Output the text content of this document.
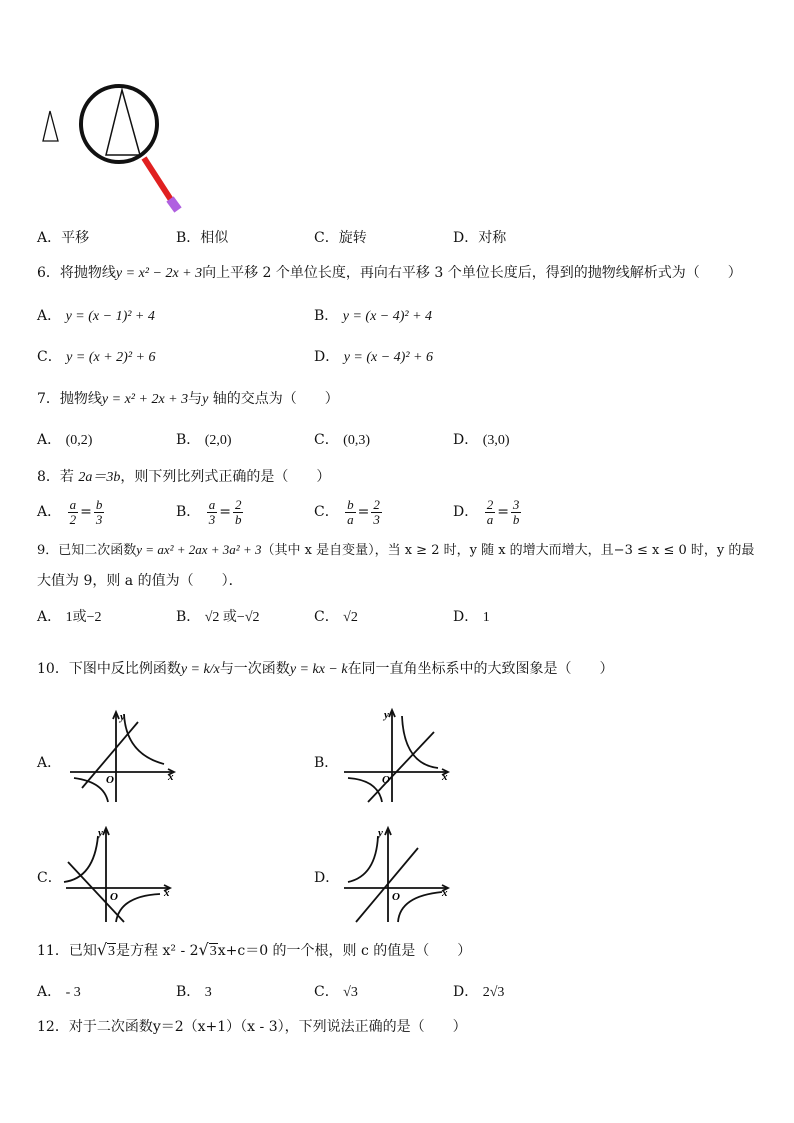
A．平移	B．相似	C．旋转	D．对称
6．将抛物线y = x² − 2x + 3向上平移 2 个单位长度，再向右平移 3 个单位长度后，得到的抛物线解析式为（　　）
A． y = (x − 1)² + 4	B． y = (x − 4)² + 4
C． y = (x + 2)² + 6	D． y = (x − 4)² + 6
7．抛物线y = x² + 2x + 3与y 轴的交点为（　　）
A． (0,2)	B． (2,0)	C． (0,3)	D． (3,0)
8．若 2a＝3b，则下列比列式正确的是（　　）
A． $\frac{a}{2} = \frac{b}{3}$	B． $\frac{a}{3} = \frac{2}{b}$	C． $\frac{b}{a} = \frac{2}{3}$	D． $\frac{2}{a} = \frac{3}{b}$
9．已知二次函数y = ax² + 2ax + 3a² + 3（其中 x 是自变量），当 x ≥ 2 时，y 随 x 的增大而增大，且−3 ≤ x ≤ 0 时，y 的最
大值为 9，则 a 的值为（　　）．
A． 1或−2	B． √2 或−√2	C． √2	D． 1
10．下图中反比例函数y = k/x与一次函数y = kx − k在同一直角坐标系中的大致图象是（　　）
A．	B．
C．	D．
y
x
O
y
x
O
y
x
O
y
x
O
11．已知√3是方程 x² - 2√3x+c＝0 的一个根，则 c 的值是（　　）
A． - 3	B． 3	C． √3	D． 2√3
12．对于二次函数y＝2（x+1）（x - 3），下列说法正确的是（　　）
